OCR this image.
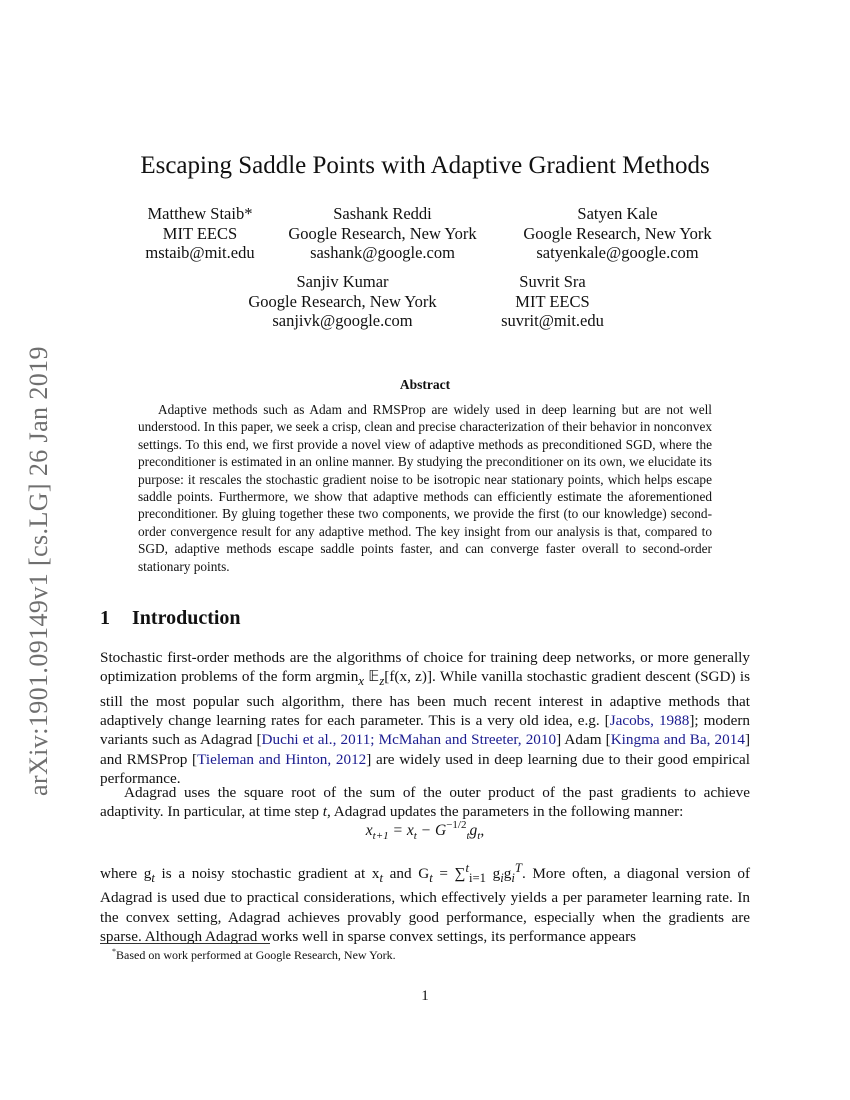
arXiv:1901.09149v1 [cs.LG] 26 Jan 2019
Escaping Saddle Points with Adaptive Gradient Methods
Matthew Staib*
MIT EECS
mstaib@mit.edu
Sashank Reddi
Google Research, New York
sashank@google.com
Satyen Kale
Google Research, New York
satyenkale@google.com
Sanjiv Kumar
Google Research, New York
sanjivk@google.com
Suvrit Sra
MIT EECS
suvrit@mit.edu
Abstract
Adaptive methods such as Adam and RMSProp are widely used in deep learning but are not well understood. In this paper, we seek a crisp, clean and precise characterization of their behavior in nonconvex settings. To this end, we first provide a novel view of adaptive methods as preconditioned SGD, where the preconditioner is estimated in an online manner. By studying the preconditioner on its own, we elucidate its purpose: it rescales the stochastic gradient noise to be isotropic near stationary points, which helps escape saddle points. Furthermore, we show that adaptive methods can efficiently estimate the aforementioned preconditioner. By gluing together these two components, we provide the first (to our knowledge) second-order convergence result for any adaptive method. The key insight from our analysis is that, compared to SGD, adaptive methods escape saddle points faster, and can converge faster overall to second-order stationary points.
1 Introduction
Stochastic first-order methods are the algorithms of choice for training deep networks, or more generally optimization problems of the form argmin$_x$ 𝔼$_z$[f(x, z)]. While vanilla stochastic gradient descent (SGD) is still the most popular such algorithm, there has been much recent interest in adaptive methods that adaptively change learning rates for each parameter. This is a very old idea, e.g. [Jacobs, 1988]; modern variants such as Adagrad [Duchi et al., 2011; McMahan and Streeter, 2010] Adam [Kingma and Ba, 2014] and RMSProp [Tieleman and Hinton, 2012] are widely used in deep learning due to their good empirical performance.
Adagrad uses the square root of the sum of the outer product of the past gradients to achieve adaptivity. In particular, at time step t, Adagrad updates the parameters in the following manner:
$x_{t+1} = x_t - G^{-1/2}_tg_t$,
where $g_t$ is a noisy stochastic gradient at $x_t$ and $G_t = \sum^t_{i=1}$ $g_ig_i^T$. More often, a diagonal version of Adagrad is used due to practical considerations, which effectively yields a per parameter learning rate. In the convex setting, Adagrad achieves provably good performance, especially when the gradients are sparse. Although Adagrad works well in sparse convex settings, its performance appears
*Based on work performed at Google Research, New York.
1
